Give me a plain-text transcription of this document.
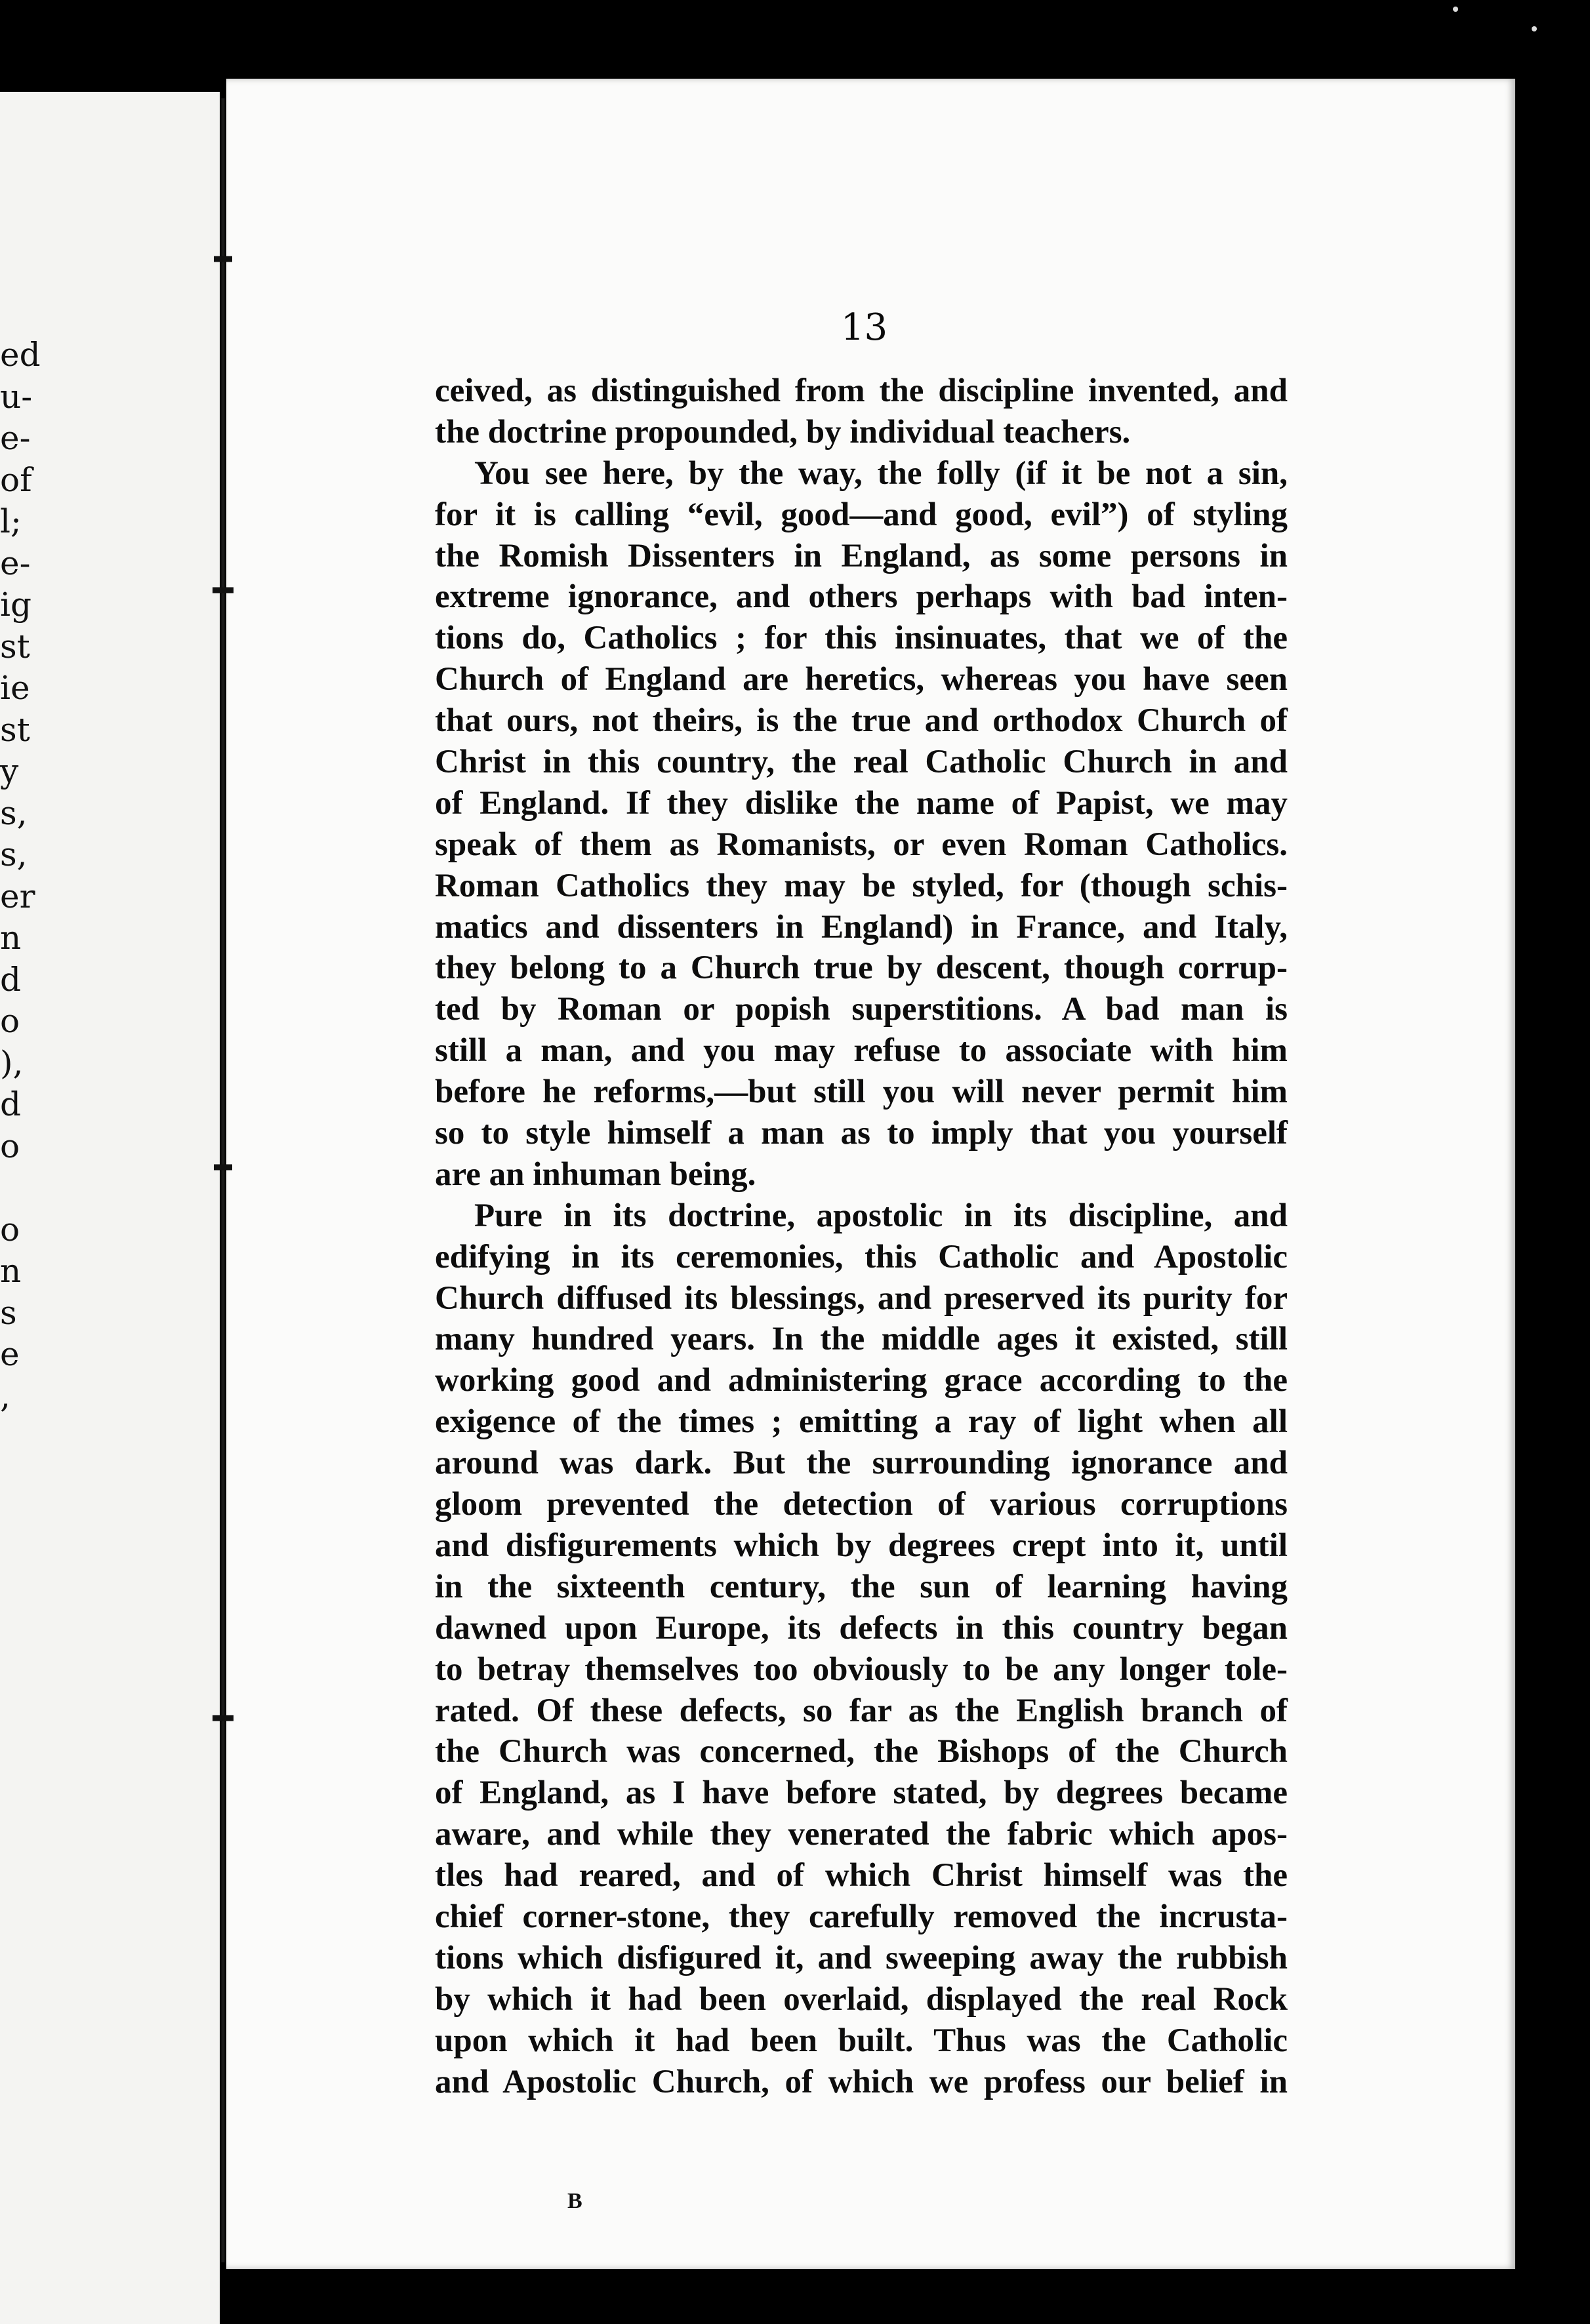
ed
u-
e-
of
l;
e-
ig
st
ie
st
y
s,
s,
er
n
d
o
),
d
o
o
n
s
e
,
13
ceived, as distinguished from the discipline invented, and
the doctrine propounded, by individual teachers.
You see here, by the way, the folly (if it be not a sin,
for it is calling “evil, good—and good, evil”) of styling
the Romish Dissenters in England, as some persons in
extreme ignorance, and others perhaps with bad inten-
tions do, Catholics ; for this insinuates, that we of the
Church of England are heretics, whereas you have seen
that ours, not theirs, is the true and orthodox Church of
Christ in this country, the real Catholic Church in and
of England. If they dislike the name of Papist, we may
speak of them as Romanists, or even Roman Catholics.
Roman Catholics they may be styled, for (though schis-
matics and dissenters in England) in France, and Italy,
they belong to a Church true by descent, though corrup-
ted by Roman or popish superstitions. A bad man is
still a man, and you may refuse to associate with him
before he reforms,—but still you will never permit him
so to style himself a man as to imply that you yourself
are an inhuman being.
Pure in its doctrine, apostolic in its discipline, and
edifying in its ceremonies, this Catholic and Apostolic
Church diffused its blessings, and preserved its purity for
many hundred years. In the middle ages it existed, still
working good and administering grace according to the
exigence of the times ; emitting a ray of light when all
around was dark. But the surrounding ignorance and
gloom prevented the detection of various corruptions
and disfigurements which by degrees crept into it, until
in the sixteenth century, the sun of learning having
dawned upon Europe, its defects in this country began
to betray themselves too obviously to be any longer tole-
rated. Of these defects, so far as the English branch of
the Church was concerned, the Bishops of the Church
of England, as I have before stated, by degrees became
aware, and while they venerated the fabric which apos-
tles had reared, and of which Christ himself was the
chief corner-stone, they carefully removed the incrusta-
tions which disfigured it, and sweeping away the rubbish
by which it had been overlaid, displayed the real Rock
upon which it had been built. Thus was the Catholic
and Apostolic Church, of which we profess our belief in
B
